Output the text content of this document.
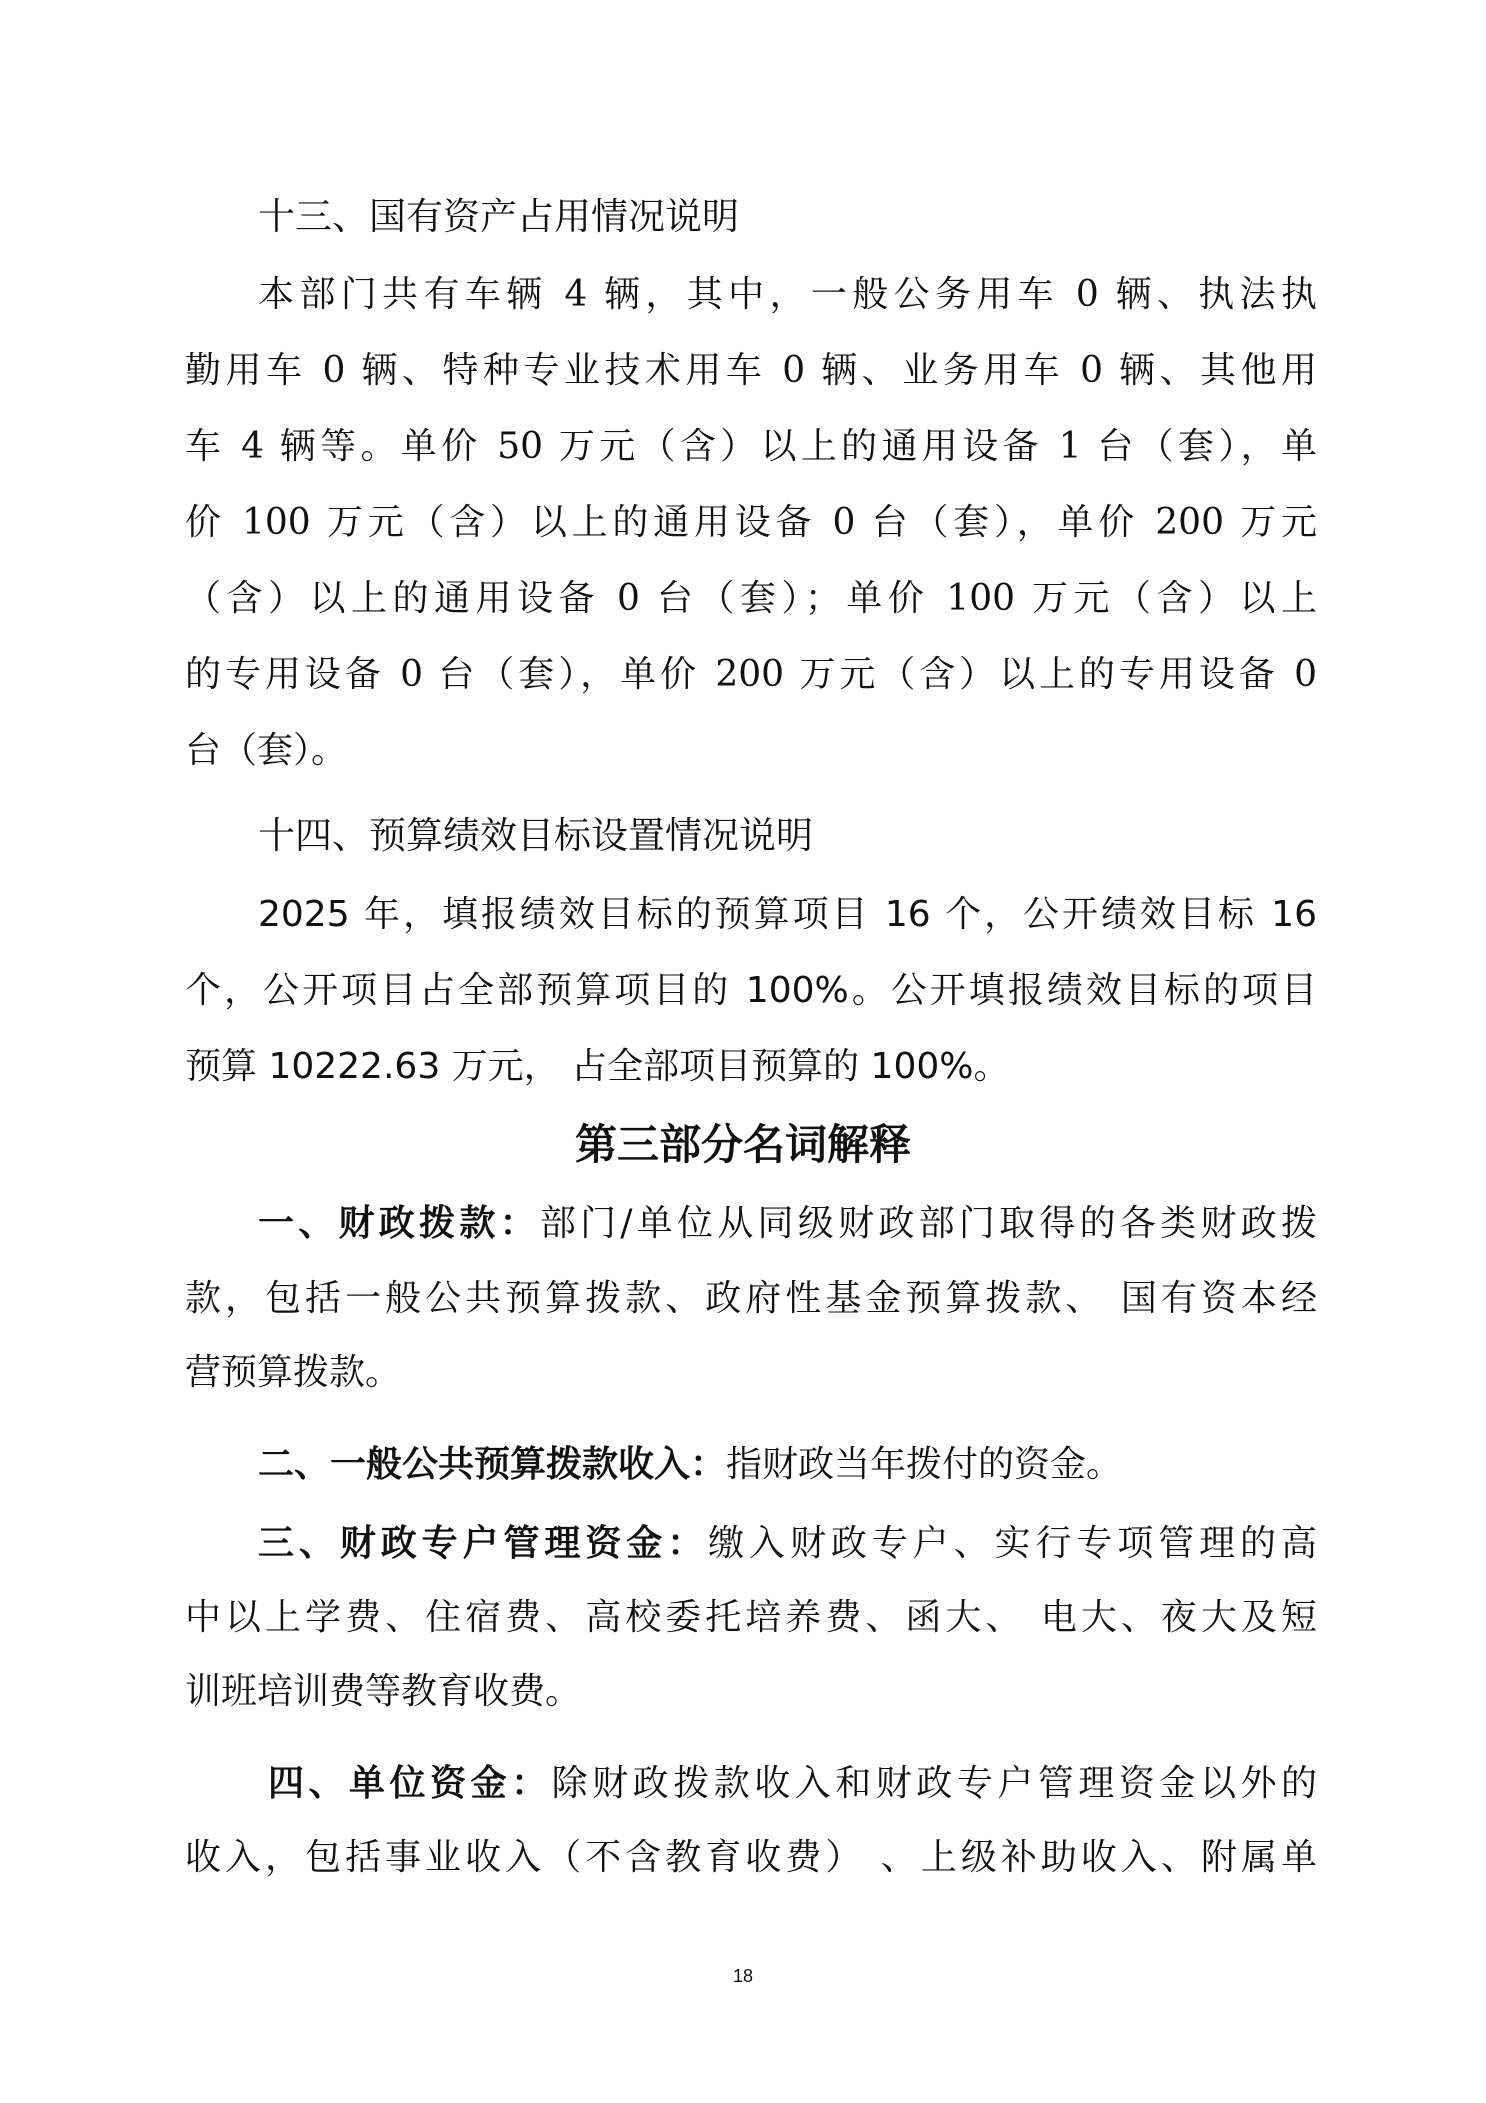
十三、国有资产占用情况说明
本部门共有车辆 4 辆，其中，一般公务用车 0 辆、执法执
勤用车 0 辆、特种专业技术用车 0 辆、业务用车 0 辆、其他用
车 4 辆等。单价 50 万元（含）以上的通用设备 1 台（套），单
价 100 万元（含）以上的通用设备 0 台（套），单价 200 万元
（含）以上的通用设备 0 台（套）；单价 100 万元（含）以上
的专用设备 0 台（套），单价 200 万元（含）以上的专用设备 0
台（套）。
十四、预算绩效目标设置情况说明
2025 年，填报绩效目标的预算项目 16 个，公开绩效目标 16
个，公开项目占全部预算项目的 100%。公开填报绩效目标的项目
预算 10222.63 万元， 占全部项目预算的 100%。
第三部分名词解释
一、财政拨款：部门/单位从同级财政部门取得的各类财政拨
款，包括一般公共预算拨款、政府性基金预算拨款、 国有资本经
营预算拨款。
二、一般公共预算拨款收入：指财政当年拨付的资金。
三、财政专户管理资金：缴入财政专户、实行专项管理的高
中以上学费、住宿费、高校委托培养费、函大、 电大、夜大及短
训班培训费等教育收费。
四、单位资金：除财政拨款收入和财政专户管理资金以外的
收入，包括事业收入（不含教育收费） 、上级补助收入、附属单
18
